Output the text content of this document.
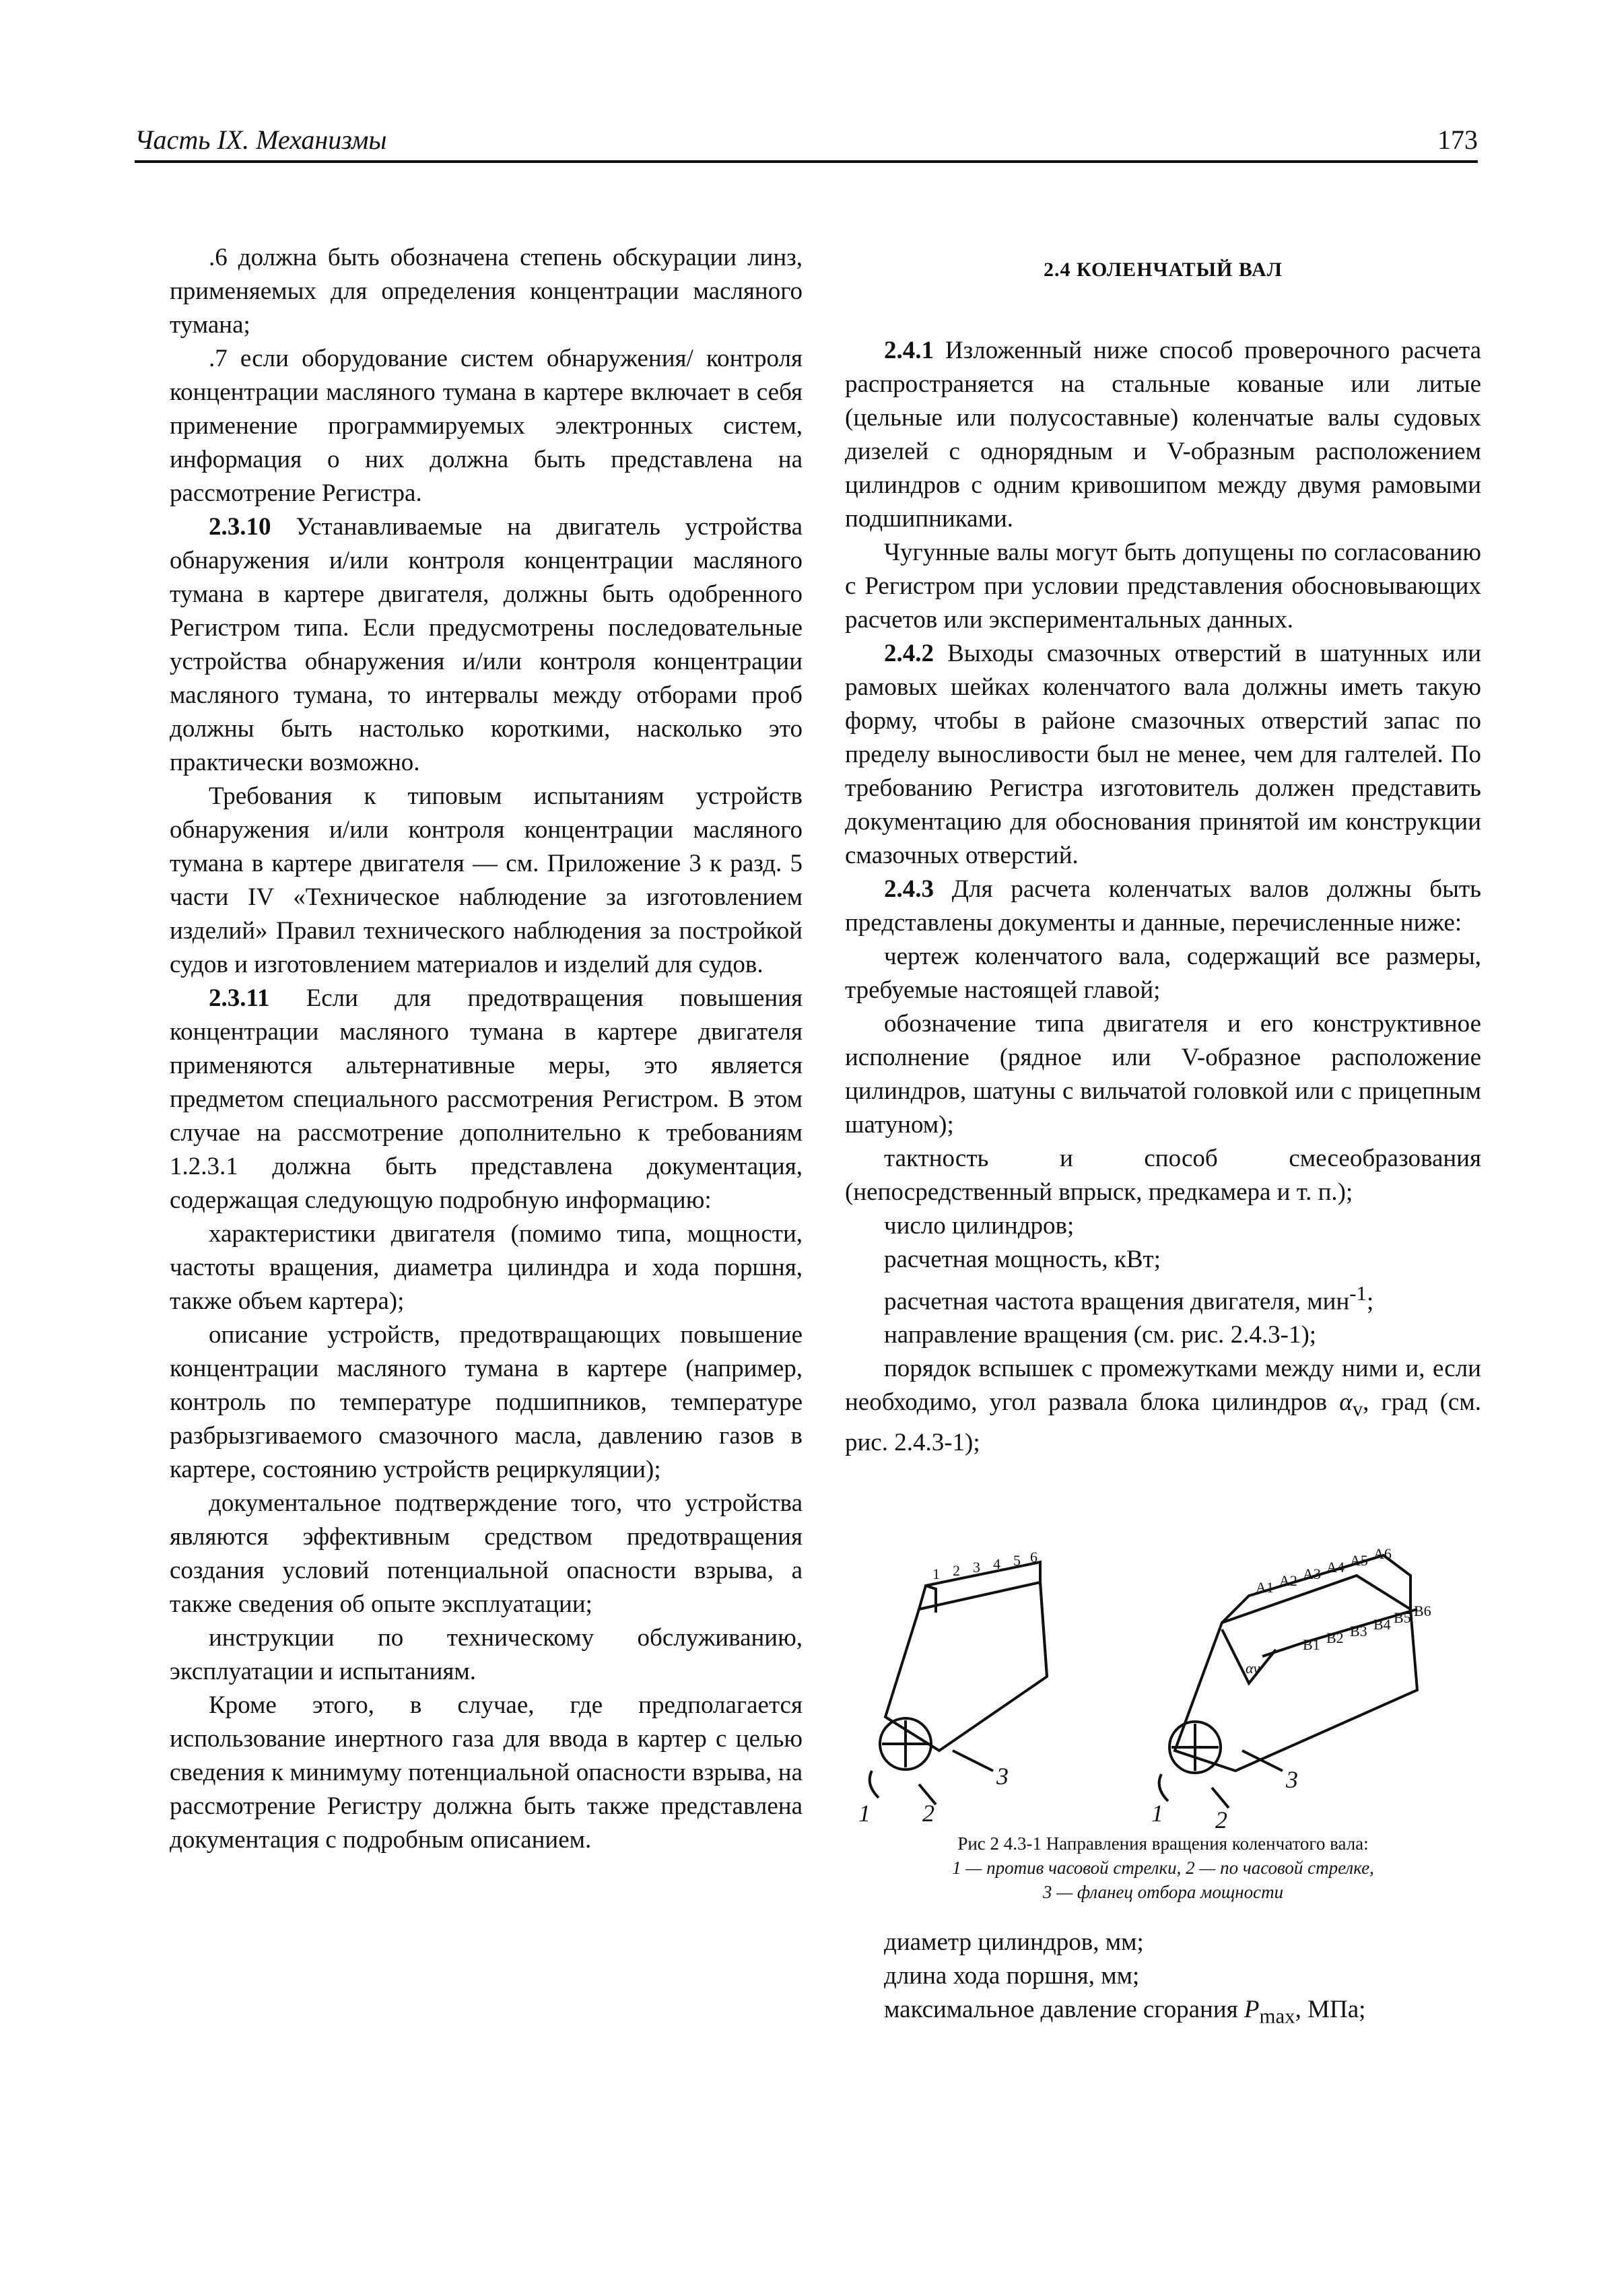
Часть IX. Механизмы	173

.6 должна быть обозначена степень обскурации линз, применяемых для определения концентрации масляного тумана;

.7 если оборудование систем обнаружения/ контроля концентрации масляного тумана в картере включает в себя применение программируемых электронных систем, информация о них должна быть представлена на рассмотрение Регистра.

2.3.10 Устанавливаемые на двигатель устройства обнаружения и/или контроля концентрации масляного тумана в картере двигателя, должны быть одобренного Регистром типа. Если предусмотрены последовательные устройства обнаружения и/или контроля концентрации масляного тумана, то интервалы между отборами проб должны быть настолько короткими, насколько это практически возможно.

Требования к типовым испытаниям устройств обнаружения и/или контроля концентрации масляного тумана в картере двигателя — см. Приложение 3 к разд. 5 части IV «Техническое наблюдение за изготовлением изделий» Правил технического наблюдения за постройкой судов и изготовлением материалов и изделий для судов.

2.3.11 Если для предотвращения повышения концентрации масляного тумана в картере двигателя применяются альтернативные меры, это является предметом специального рассмотрения Регистром. В этом случае на рассмотрение дополнительно к требованиям 1.2.3.1 должна быть представлена документация, содержащая следующую подробную информацию:

характеристики двигателя (помимо типа, мощности, частоты вращения, диаметра цилиндра и хода поршня, также объем картера);

описание устройств, предотвращающих повышение концентрации масляного тумана в картере (например, контроль по температуре подшипников, температуре разбрызгиваемого смазочного масла, давлению газов в картере, состоянию устройств рециркуляции);

документальное подтверждение того, что устройства являются эффективным средством предотвращения создания условий потенциальной опасности взрыва, а также сведения об опыте эксплуатации;

инструкции по техническому обслуживанию, эксплуатации и испытаниям.

Кроме этого, в случае, где предполагается использование инертного газа для ввода в картер с целью сведения к минимуму потенциальной опасности взрыва, на рассмотрение Регистру должна быть также представлена документация с подробным описанием.

2.4 КОЛЕНЧАТЫЙ ВАЛ

2.4.1 Изложенный ниже способ проверочного расчета распространяется на стальные кованые или литые (цельные или полусоставные) коленчатые валы судовых дизелей с однорядным и V-образным расположением цилиндров с одним кривошипом между двумя рамовыми подшипниками.

Чугунные валы могут быть допущены по согласованию с Регистром при условии представления обосновывающих расчетов или экспериментальных данных.

2.4.2 Выходы смазочных отверстий в шатунных или рамовых шейках коленчатого вала должны иметь такую форму, чтобы в районе смазочных отверстий запас по пределу выносливости был не менее, чем для галтелей. По требованию Регистра изготовитель должен представить документацию для обоснования принятой им конструкции смазочных отверстий.

2.4.3 Для расчета коленчатых валов должны быть представлены документы и данные, перечисленные ниже:

чертеж коленчатого вала, содержащий все размеры, требуемые настоящей главой;

обозначение типа двигателя и его конструктивное исполнение (рядное или V-образное расположение цилиндров, шатуны с вильчатой головкой или с прицепным шатуном);

тактность и способ смесеобразования (непосредственный впрыск, предкамера и т. п.);

число цилиндров;

расчетная мощность, кВт;

расчетная частота вращения двигателя, мин$^{-1}$;

направление вращения (см. рис. 2.4.3-1);

порядок вспышек с промежутками между ними и, если необходимо, угол развала блока цилиндров $\alpha_v$, град (см. рис. 2.4.3-1);

1 2 3 4 5 6
A1 A2 A3 A4 A5 A6
B1 B2 B3 B4 B5 B6
αv
1 2
3
1 2
3
Рис 2 4.3-1 Направления вращения коленчатого вала:
1 — против часовой стрелки, 2 — по часовой стрелке,
3 — фланец отбора мощности

диаметр цилиндров, мм;

длина хода поршня, мм;

максимальное давление сгорания $P_{max}$, МПа;
